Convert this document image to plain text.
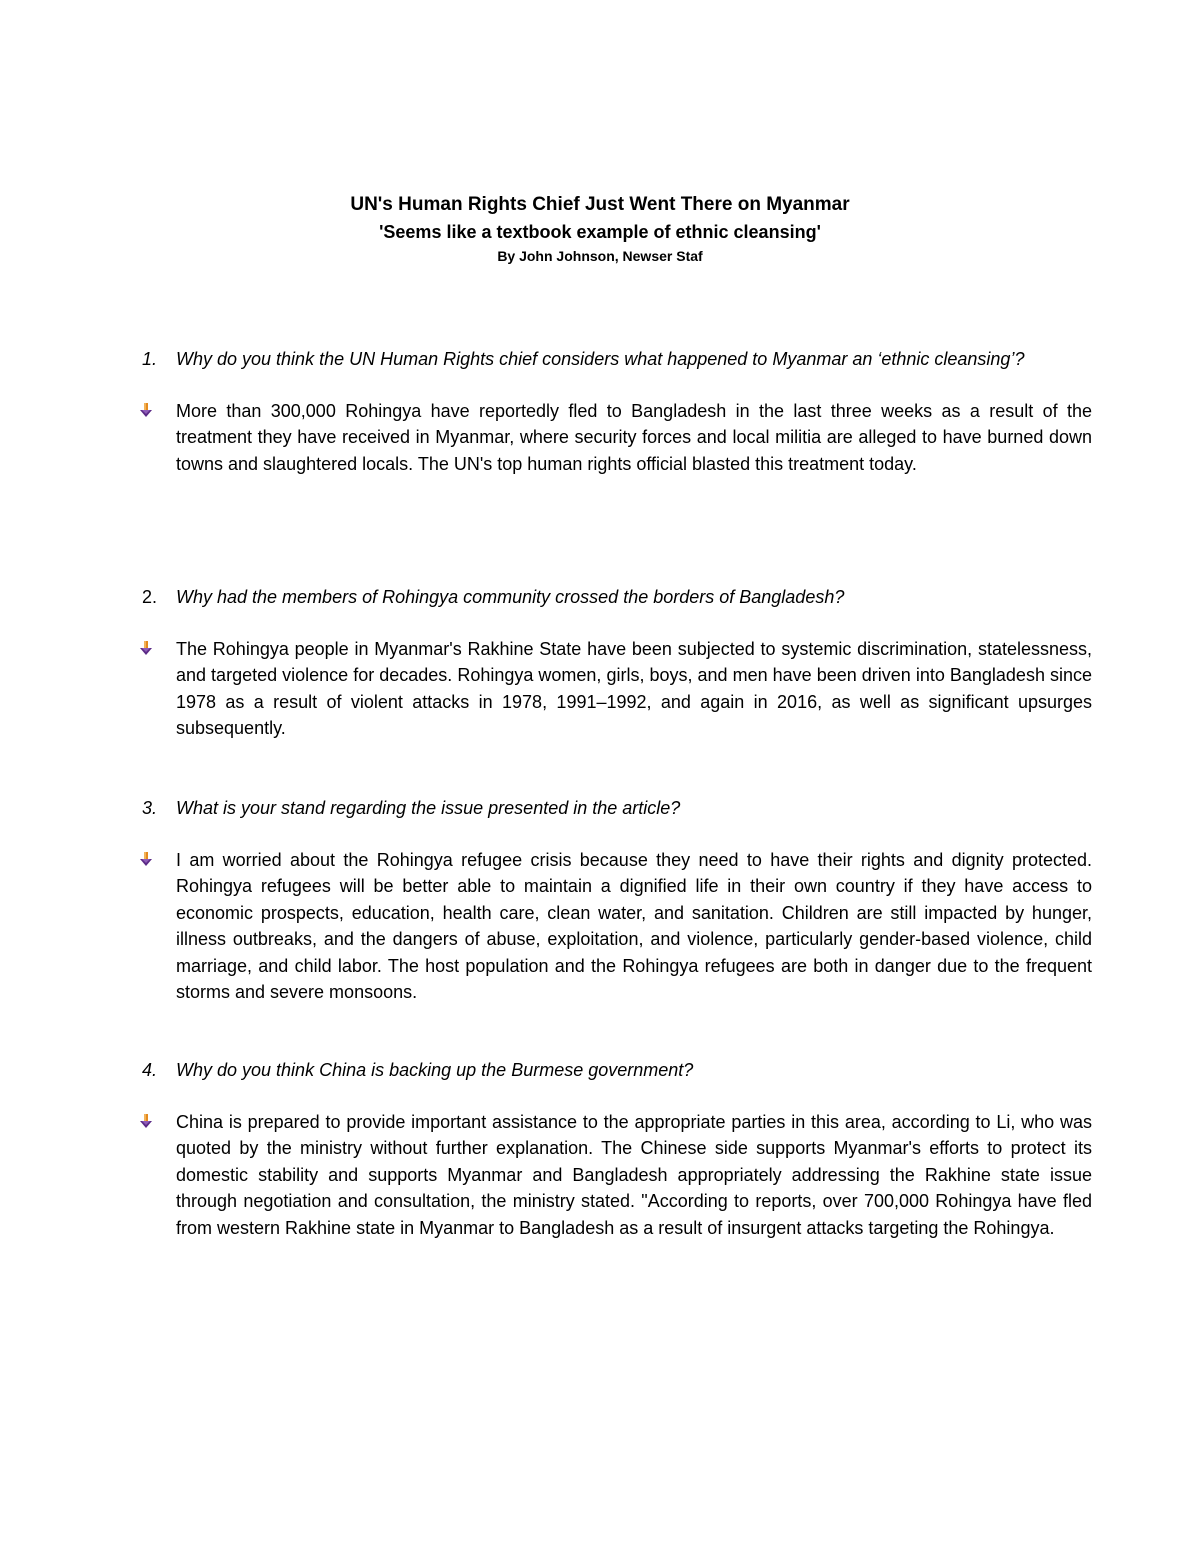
UN's Human Rights Chief Just Went There on Myanmar
'Seems like a textbook example of ethnic cleansing'
By John Johnson, Newser Staf
1. Why do you think the UN Human Rights chief considers what happened to Myanmar an ‘ethnic cleansing’?
More than 300,000 Rohingya have reportedly fled to Bangladesh in the last three weeks as a result of the treatment they have received in Myanmar, where security forces and local militia are alleged to have burned down towns and slaughtered locals. The UN's top human rights official blasted this treatment today.
2. Why had the members of Rohingya community crossed the borders of Bangladesh?
The Rohingya people in Myanmar's Rakhine State have been subjected to systemic discrimination, statelessness, and targeted violence for decades. Rohingya women, girls, boys, and men have been driven into Bangladesh since 1978 as a result of violent attacks in 1978, 1991–1992, and again in 2016, as well as significant upsurges subsequently.
3. What is your stand regarding the issue presented in the article?
I am worried about the Rohingya refugee crisis because they need to have their rights and dignity protected. Rohingya refugees will be better able to maintain a dignified life in their own country if they have access to economic prospects, education, health care, clean water, and sanitation. Children are still impacted by hunger, illness outbreaks, and the dangers of abuse, exploitation, and violence, particularly gender-based violence, child marriage, and child labor. The host population and the Rohingya refugees are both in danger due to the frequent storms and severe monsoons.
4. Why do you think China is backing up the Burmese government?
China is prepared to provide important assistance to the appropriate parties in this area, according to Li, who was quoted by the ministry without further explanation. The Chinese side supports Myanmar's efforts to protect its domestic stability and supports Myanmar and Bangladesh appropriately addressing the Rakhine state issue through negotiation and consultation, the ministry stated. "According to reports, over 700,000 Rohingya have fled from western Rakhine state in Myanmar to Bangladesh as a result of insurgent attacks targeting the Rohingya.
